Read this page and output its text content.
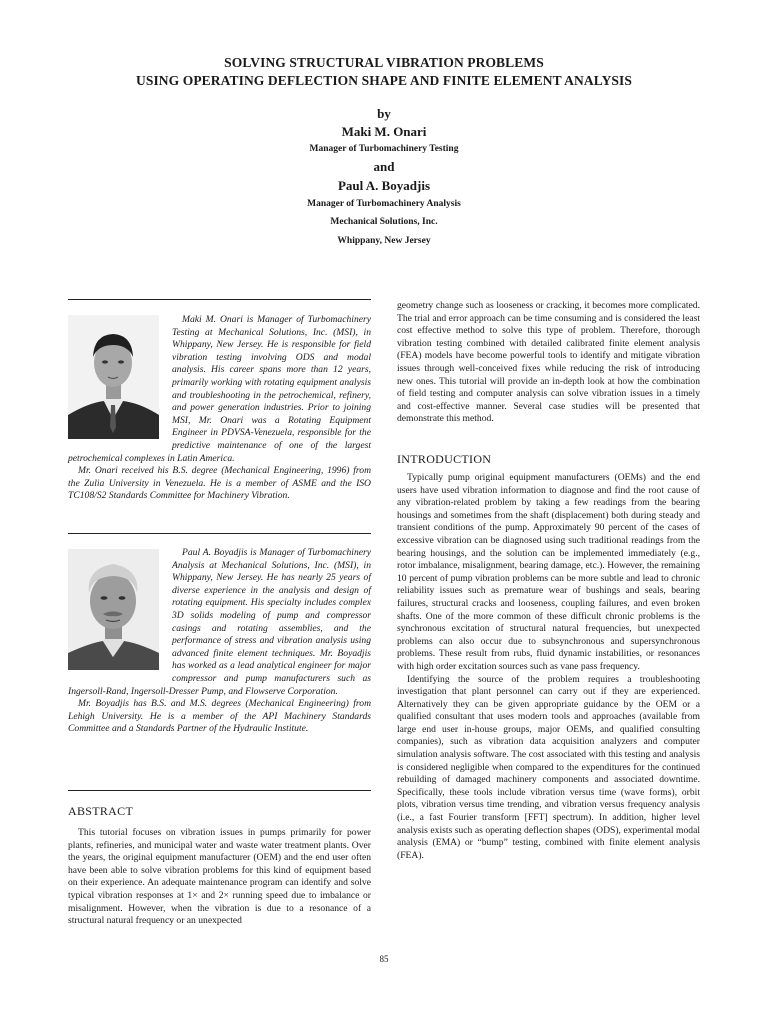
SOLVING STRUCTURAL VIBRATION PROBLEMS
USING OPERATING DEFLECTION SHAPE AND FINITE ELEMENT ANALYSIS
by
Maki M. Onari
Manager of Turbomachinery Testing
and
Paul A. Boyadjis
Manager of Turbomachinery Analysis
Mechanical Solutions, Inc.
Whippany, New Jersey

Maki M. Onari is Manager of Turbomachinery Testing at Mechanical Solutions, Inc. (MSI), in Whippany, New Jersey. He is responsible for field vibration testing involving ODS and modal analysis. His career spans more than 12 years, primarily working with rotating equipment analysis and troubleshooting in the petrochemical, refinery, and power generation industries. Prior to joining MSI, Mr. Onari was a Rotating Equipment Engineer in PDVSA-Venezuela, responsible for the predictive maintenance of one of the largest petrochemical complexes in Latin America.

Mr. Onari received his B.S. degree (Mechanical Engineering, 1996) from the Zulia University in Venezuela. He is a member of ASME and the ISO TC108/S2 Standards Committee for Machinery Vibration.

Paul A. Boyadjis is Manager of Turbomachinery Analysis at Mechanical Solutions, Inc. (MSI), in Whippany, New Jersey. He has nearly 25 years of diverse experience in the analysis and design of rotating equipment. His specialty includes complex 3D solids modeling of pump and compressor casings and rotating assemblies, and the performance of stress and vibration analysis using advanced finite element techniques. Mr. Boyadjis has worked as a lead analytical engineer for major compressor and pump manufacturers such as Ingersoll-Rand, Ingersoll-Dresser Pump, and Flowserve Corporation.

Mr. Boyadjis has B.S. and M.S. degrees (Mechanical Engineering) from Lehigh University. He is a member of the API Machinery Standards Committee and a Standards Partner of the Hydraulic Institute.

ABSTRACT

This tutorial focuses on vibration issues in pumps primarily for power plants, refineries, and municipal water and waste water treatment plants. Over the years, the original equipment manufacturer (OEM) and the end user often have been able to solve vibration problems for this kind of equipment based on their experience. An adequate maintenance program can identify and solve typical vibration responses at 1× and 2× running speed due to imbalance or misalignment. However, when the vibration is due to a resonance of a structural natural frequency or an unexpected

geometry change such as looseness or cracking, it becomes more complicated. The trial and error approach can be time consuming and is considered the least cost effective method to solve this type of problem. Therefore, thorough vibration testing combined with detailed calibrated finite element analysis (FEA) models have become powerful tools to identify and mitigate vibration issues through well-conceived fixes while reducing the risk of introducing new ones. This tutorial will provide an in-depth look at how the combination of field testing and computer analysis can solve vibration issues in a timely and cost-effective manner. Several case studies will be presented that demonstrate this method.

INTRODUCTION

Typically pump original equipment manufacturers (OEMs) and the end users have used vibration information to diagnose and find the root cause of any vibration-related problem by taking a few readings from the bearing housings and sometimes from the shaft (displacement) both during steady and transient conditions of the pump. Approximately 90 percent of the cases of excessive vibration can be diagnosed using such traditional readings from the bearing housings, and the solution can be implemented immediately (e.g., rotor imbalance, misalignment, bearing damage, etc.). However, the remaining 10 percent of pump vibration problems can be more subtle and lead to chronic reliability issues such as premature wear of bushings and seals, bearing failures, structural cracks and looseness, coupling failures, and even broken shafts. One of the more common of these difficult chronic problems is the synchronous excitation of structural natural frequencies, but unexpected problems can also occur due to subsynchronous and supersynchronous problems. These result from rubs, fluid dynamic instabilities, or resonances with high order excitation sources such as vane pass frequency.

Identifying the source of the problem requires a troubleshooting investigation that plant personnel can carry out if they are experienced. Alternatively they can be given appropriate guidance by the OEM or a qualified consultant that uses modern tools and approaches (available from large end user in-house groups, major OEMs, and qualified consulting companies), such as vibration data acquisition analyzers and computer simulation analysis software. The cost associated with this testing and analysis is considered negligible when compared to the expenditures for the continued rebuilding of damaged machinery components and associated downtime. Specifically, these tools include vibration versus time (wave forms), orbit plots, vibration versus time trending, and vibration versus frequency analysis (i.e., a fast Fourier transform [FFT] spectrum). In addition, higher level analysis exists such as operating deflection shapes (ODS), experimental modal analysis (EMA) or “bump” testing, combined with finite element analysis (FEA).

85
